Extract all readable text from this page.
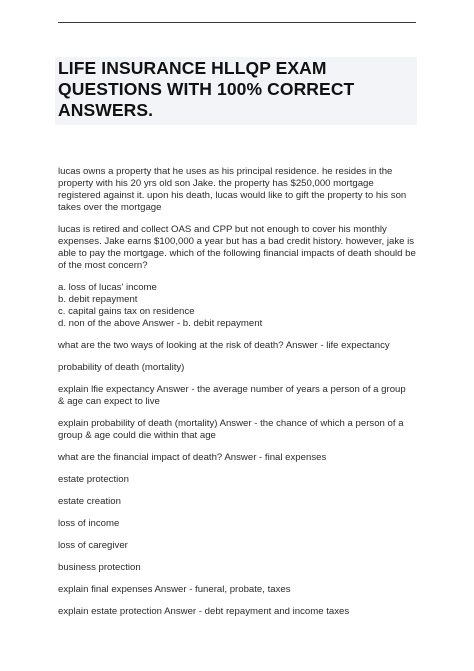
LIFE INSURANCE HLLQP EXAM
QUESTIONS WITH 100% CORRECT
ANSWERS.

lucas owns a property that he uses as his principal residence. he resides in the
property with his 20 yrs old son Jake. the property has $250,000 mortgage
registered against it. upon his death, lucas would like to gift the property to his son
takes over the mortgage

lucas is retired and collect OAS and CPP but not enough to cover his monthly
expenses. Jake earns $100,000 a year but has a bad credit history. however, jake is
able to pay the mortgage. which of the following financial impacts of death should be
of the most concern?

a. loss of lucas' income
b. debit repayment
c. capital gains tax on residence
d. non of the above Answer - b. debit repayment

what are the two ways of looking at the risk of death? Answer - life expectancy

probability of death (mortality)

explain lfie expectancy Answer - the average number of years a person of a group
& age can expect to live

explain probability of death (mortality) Answer - the chance of which a person of a
group & age could die within that age

what are the financial impact of death? Answer - final expenses

estate protection

estate creation

loss of income

loss of caregiver

business protection

explain final expenses Answer - funeral, probate, taxes

explain estate protection Answer - debt repayment and income taxes
